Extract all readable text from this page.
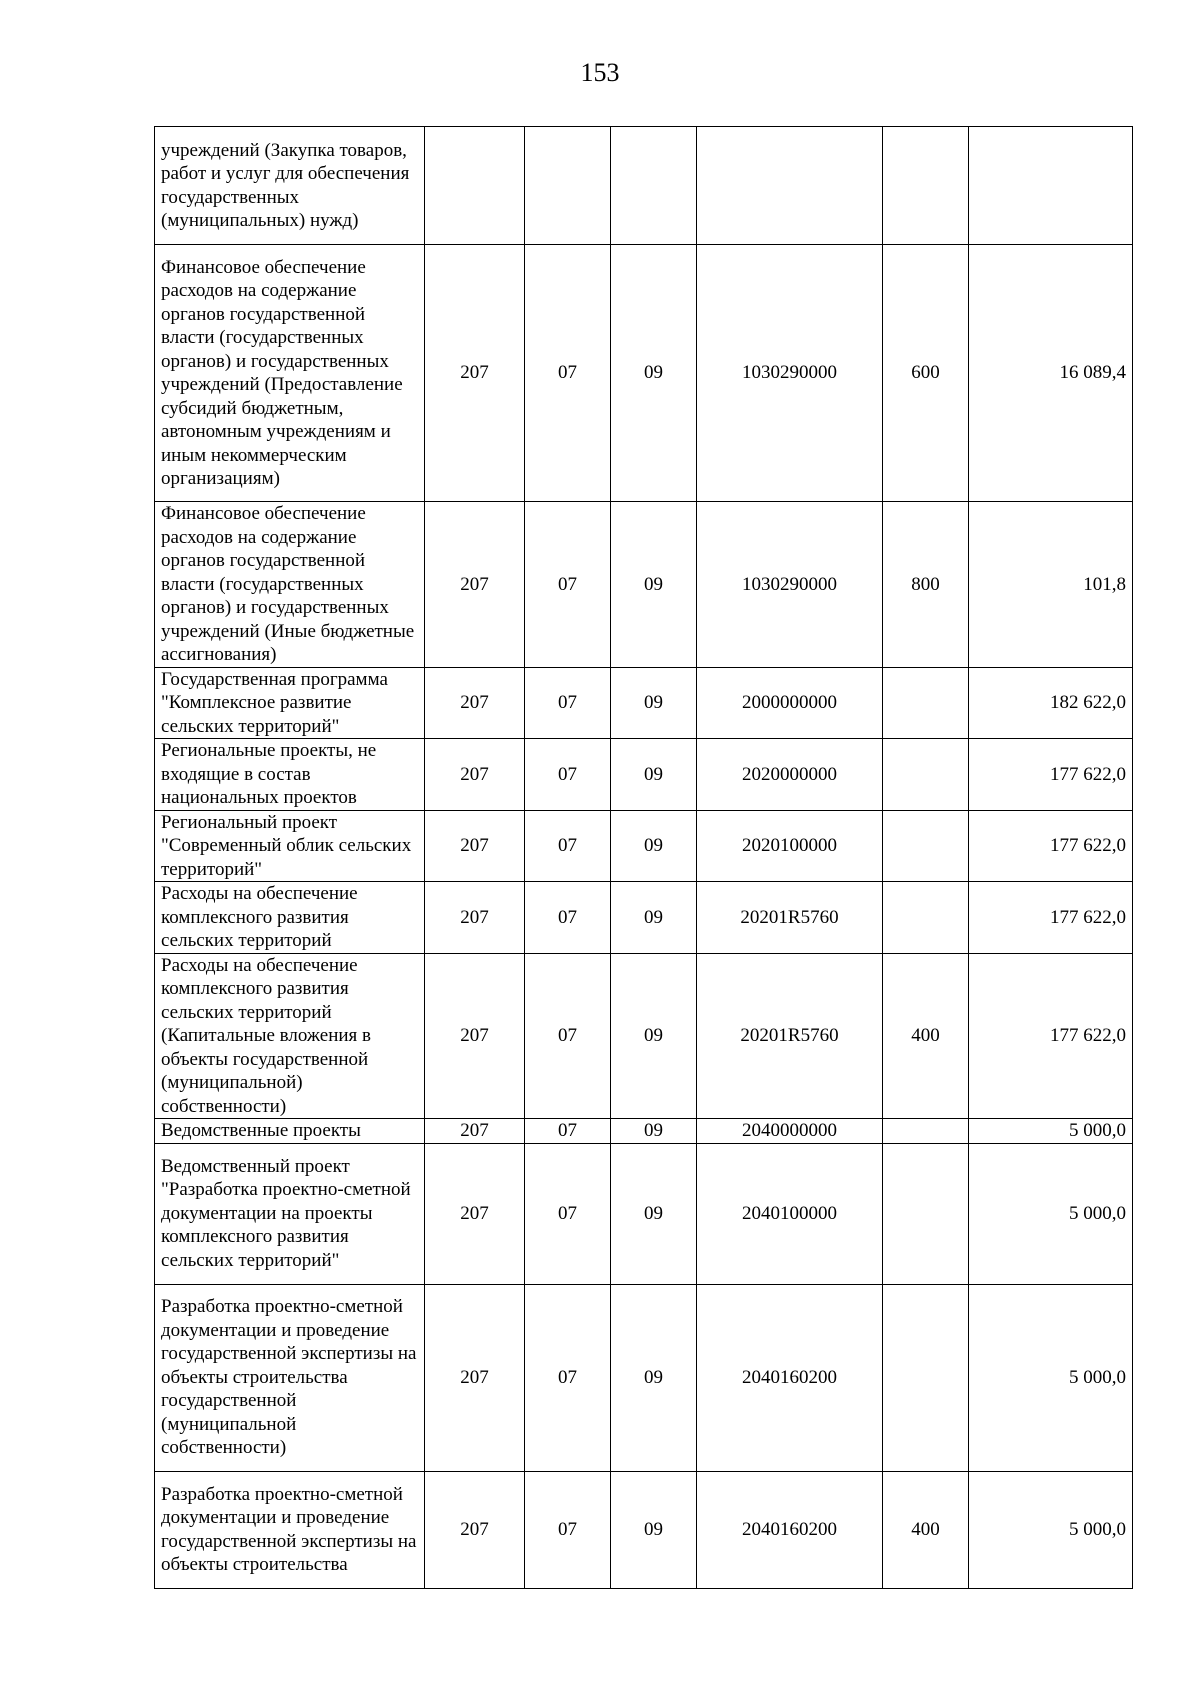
153
учреждений (Закупка товаров, работ и услуг для обеспечения государственных (муниципальных) нужд)						
Финансовое обеспечение расходов на содержание органов государственной власти (государственных органов) и государственных учреждений (Предоставление субсидий бюджетным, автономным учреждениям и иным некоммерческим организациям)	207	07	09	1030290000	600	16 089,4
Финансовое обеспечение расходов на содержание органов государственной власти (государственных органов) и государственных учреждений (Иные бюджетные ассигнования)	207	07	09	1030290000	800	101,8
Государственная программа "Комплексное развитие сельских территорий"	207	07	09	2000000000		182 622,0
Региональные проекты, не входящие в состав национальных проектов	207	07	09	2020000000		177 622,0
Региональный проект "Современный облик сельских территорий"	207	07	09	2020100000		177 622,0
Расходы на обеспечение комплексного развития сельских территорий	207	07	09	20201R5760		177 622,0
Расходы на обеспечение комплексного развития сельских территорий (Капитальные вложения в объекты государственной (муниципальной) собственности)	207	07	09	20201R5760	400	177 622,0
Ведомственные проекты	207	07	09	2040000000		5 000,0
Ведомственный проект "Разработка проектно-сметной документации на проекты комплексного развития сельских территорий"	207	07	09	2040100000		5 000,0
Разработка проектно-сметной документации и проведение государственной экспертизы на объекты строительства государственной (муниципальной собственности)	207	07	09	2040160200		5 000,0
Разработка проектно-сметной документации и проведение государственной экспертизы на объекты строительства	207	07	09	2040160200	400	5 000,0
